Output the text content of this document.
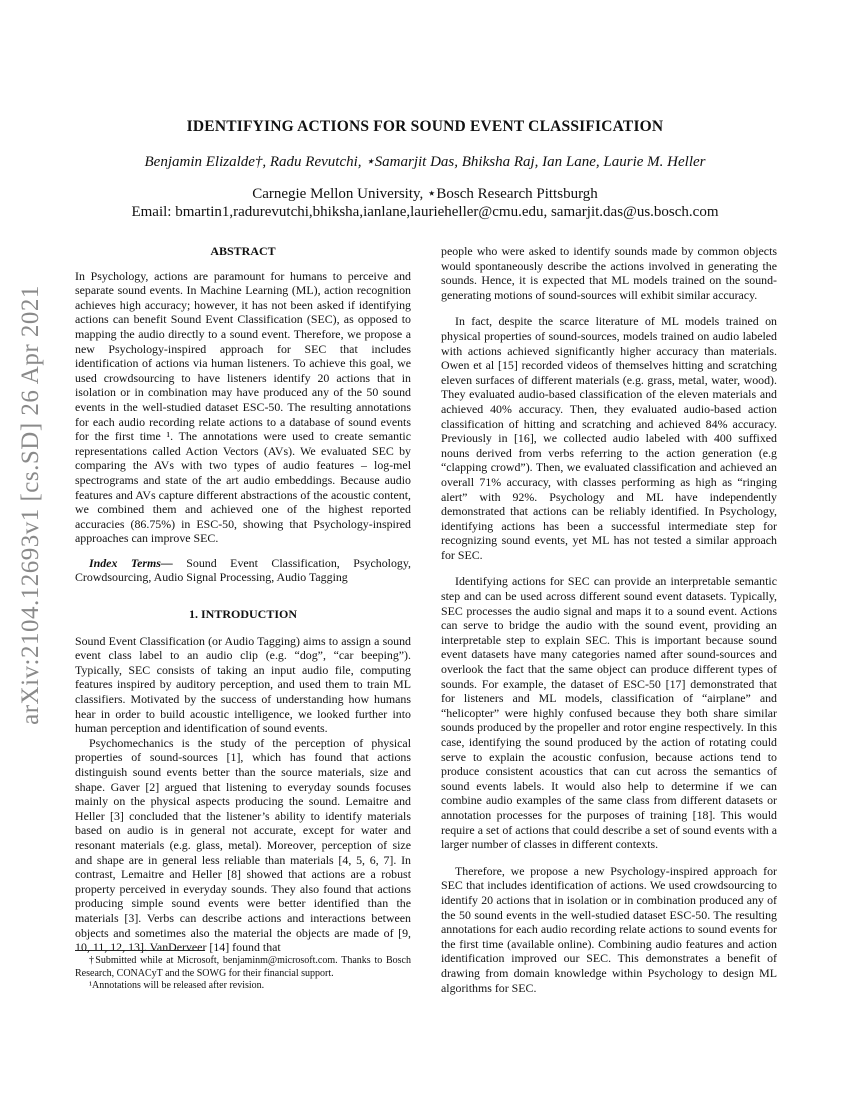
arXiv:2104.12693v1 [cs.SD] 26 Apr 2021
IDENTIFYING ACTIONS FOR SOUND EVENT CLASSIFICATION
Benjamin Elizalde†, Radu Revutchi, ⋆Samarjit Das, Bhiksha Raj, Ian Lane, Laurie M. Heller
Carnegie Mellon University, ⋆Bosch Research Pittsburgh
Email: bmartin1,radurevutchi,bhiksha,ianlane,laurieheller@cmu.edu, samarjit.das@us.bosch.com
ABSTRACT

In Psychology, actions are paramount for humans to perceive and separate sound events. In Machine Learning (ML), action recognition achieves high accuracy; however, it has not been asked if identifying actions can benefit Sound Event Classification (SEC), as opposed to mapping the audio directly to a sound event. Therefore, we propose a new Psychology-inspired approach for SEC that includes identification of actions via human listeners. To achieve this goal, we used crowdsourcing to have listeners identify 20 actions that in isolation or in combination may have produced any of the 50 sound events in the well-studied dataset ESC-50. The resulting annotations for each audio recording relate actions to a database of sound events for the first time ¹. The annotations were used to create semantic representations called Action Vectors (AVs). We evaluated SEC by comparing the AVs with two types of audio features – log-mel spectrograms and state of the art audio embeddings. Because audio features and AVs capture different abstractions of the acoustic content, we combined them and achieved one of the highest reported accuracies (86.75%) in ESC-50, showing that Psychology-inspired approaches can improve SEC.

Index Terms— Sound Event Classification, Psychology, Crowdsourcing, Audio Signal Processing, Audio Tagging

1. INTRODUCTION

Sound Event Classification (or Audio Tagging) aims to assign a sound event class label to an audio clip (e.g. “dog”, “car beeping”). Typically, SEC consists of taking an input audio file, computing features inspired by auditory perception, and used them to train ML classifiers. Motivated by the success of understanding how humans hear in order to build acoustic intelligence, we looked further into human perception and identification of sound events.

Psychomechanics is the study of the perception of physical properties of sound-sources [1], which has found that actions distinguish sound events better than the source materials, size and shape. Gaver [2] argued that listening to everyday sounds focuses mainly on the physical aspects producing the sound. Lemaitre and Heller [3] concluded that the listener’s ability to identify materials based on audio is in general not accurate, except for water and resonant materials (e.g. glass, metal). Moreover, perception of size and shape are in general less reliable than materials [4, 5, 6, 7]. In contrast, Lemaitre and Heller [8] showed that actions are a robust property perceived in everyday sounds. They also found that actions producing simple sound events were better identified than the materials [3]. Verbs can describe actions and interactions between objects and sometimes also the material the objects are made of [9, 10, 11, 12, 13]. VanDerveer [14] found that

†Submitted while at Microsoft, benjaminm@microsoft.com. Thanks to Bosch Research, CONACyT and the SOWG for their financial support.

¹Annotations will be released after revision.

people who were asked to identify sounds made by common objects would spontaneously describe the actions involved in generating the sounds. Hence, it is expected that ML models trained on the sound-generating motions of sound-sources will exhibit similar accuracy.

In fact, despite the scarce literature of ML models trained on physical properties of sound-sources, models trained on audio labeled with actions achieved significantly higher accuracy than materials. Owen et al [15] recorded videos of themselves hitting and scratching eleven surfaces of different materials (e.g. grass, metal, water, wood). They evaluated audio-based classification of the eleven materials and achieved 40% accuracy. Then, they evaluated audio-based action classification of hitting and scratching and achieved 84% accuracy. Previously in [16], we collected audio labeled with 400 suffixed nouns derived from verbs referring to the action generation (e.g “clapping crowd”). Then, we evaluated classification and achieved an overall 71% accuracy, with classes performing as high as “ringing alert” with 92%. Psychology and ML have independently demonstrated that actions can be reliably identified. In Psychology, identifying actions has been a successful intermediate step for recognizing sound events, yet ML has not tested a similar approach for SEC.

Identifying actions for SEC can provide an interpretable semantic step and can be used across different sound event datasets. Typically, SEC processes the audio signal and maps it to a sound event. Actions can serve to bridge the audio with the sound event, providing an interpretable step to explain SEC. This is important because sound event datasets have many categories named after sound-sources and overlook the fact that the same object can produce different types of sounds. For example, the dataset of ESC-50 [17] demonstrated that for listeners and ML models, classification of “airplane” and “helicopter” were highly confused because they both share similar sounds produced by the propeller and rotor engine respectively. In this case, identifying the sound produced by the action of rotating could serve to explain the acoustic confusion, because actions tend to produce consistent acoustics that can cut across the semantics of sound events labels. It would also help to determine if we can combine audio examples of the same class from different datasets or annotation processes for the purposes of training [18]. This would require a set of actions that could describe a set of sound events with a larger number of classes in different contexts.

Therefore, we propose a new Psychology-inspired approach for SEC that includes identification of actions. We used crowdsourcing to identify 20 actions that in isolation or in combination produced any of the 50 sound events in the well-studied dataset ESC-50. The resulting annotations for each audio recording relate actions to sound events for the first time (available online). Combining audio features and action identification improved our SEC. This demonstrates a benefit of drawing from domain knowledge within Psychology to design ML algorithms for SEC.
